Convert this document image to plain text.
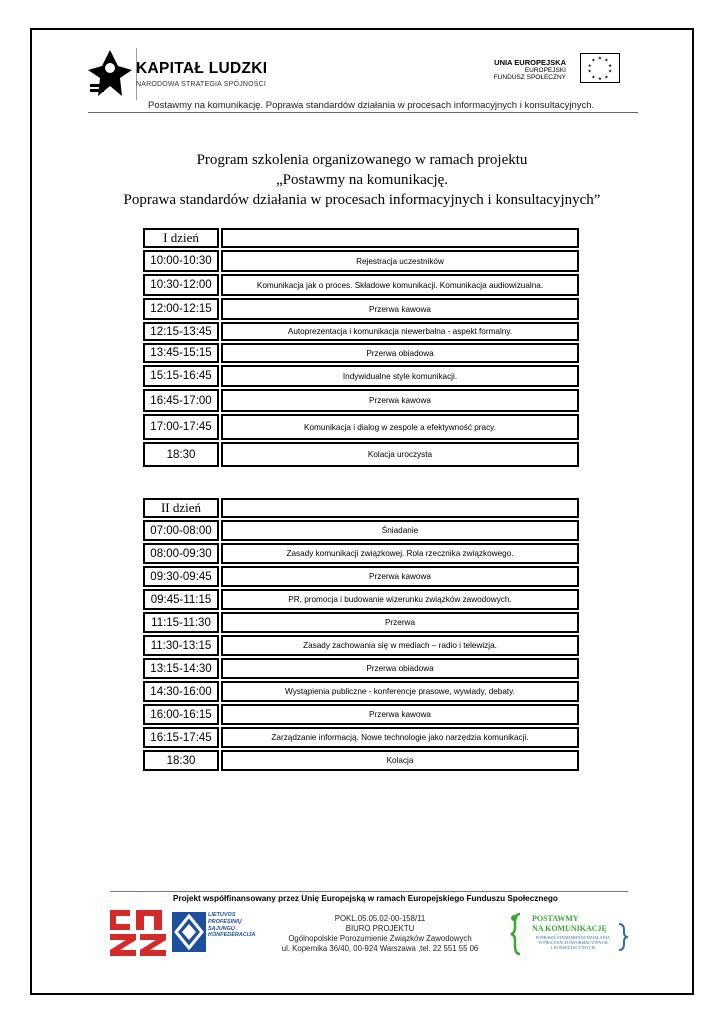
KAPITAŁ LUDZKI
NARODOWA STRATEGIA SPÓJNOŚCI
UNIA EUROPEJSKA
EUROPEJSKI
FUNDUSZ SPOŁECZNY
★ ★
★
★
★
★
★
★
★
★
Postawmy na komunikację. Poprawa standardów działania w procesach informacyjnych i konsultacyjnych.
Program szkolenia organizowanego w ramach projektu
„Postawmy na komunikację.
Poprawa standardów działania w procesach informacyjnych i konsultacyjnych”
I dzień
10:00-10:30	Rejestracja uczestników
10:30-12:00	Komunikacja jak o proces. Składowe komunikacji. Komunikacja audiowizualna.
12:00-12:15	Przerwa kawowa
12:15-13:45	Autoprezentacja i komunikacja niewerbalna - aspekt formalny.
13:45-15:15	Przerwa obiadowa
15:15-16:45	Indywidualne style komunikacji.
16:45-17:00	Przerwa kawowa
17:00-17:45	Komunikacja i dialog w zespole a efektywność pracy.
18:30	Kolacja uroczysta
II dzień
07:00-08:00	Śniadanie
08:00-09:30	Zasady komunikacji związkowej. Rola rzecznika związkowego.
09:30-09:45	Przerwa kawowa
09:45-11:15	PR, promocja i budowanie wizerunku związków zawodowych.
11:15-11:30	Przerwa
11:30-13:15	Zasady zachowania się w mediach – radio i telewizja.
13:15-14:30	Przerwa obiadowa
14:30-16:00	Wystąpienia publiczne - konferencje prasowe, wywiady, debaty.
16:00-16:15	Przerwa kawowa
16:15-17:45	Zarządzanie informacją. Nowe technologie jako narzędzia komunikacji.
18:30	Kolacja
Projekt współfinansowany przez Unię Europejską w ramach Europejskiego Funduszu Społecznego
LIETUVOS
PROFESINIŲ
SĄJUNGŲ
KONFEDERACIJA
POKL.05.05.02-00-158/11
BIURO PROJEKTU
Ogólnopolskie Porozumienie Związków Zawodowych
ul. Kopernika 36/40, 00-924 Warszawa ,tel. 22 551 55 06
POSTAWMY
NA KOMUNIKACJĘ
POPRAWA STANDARDÓW DZIAŁANIA
W PROCESACH INFORMACYJNYCH
I KONSULTACYJNYCH
